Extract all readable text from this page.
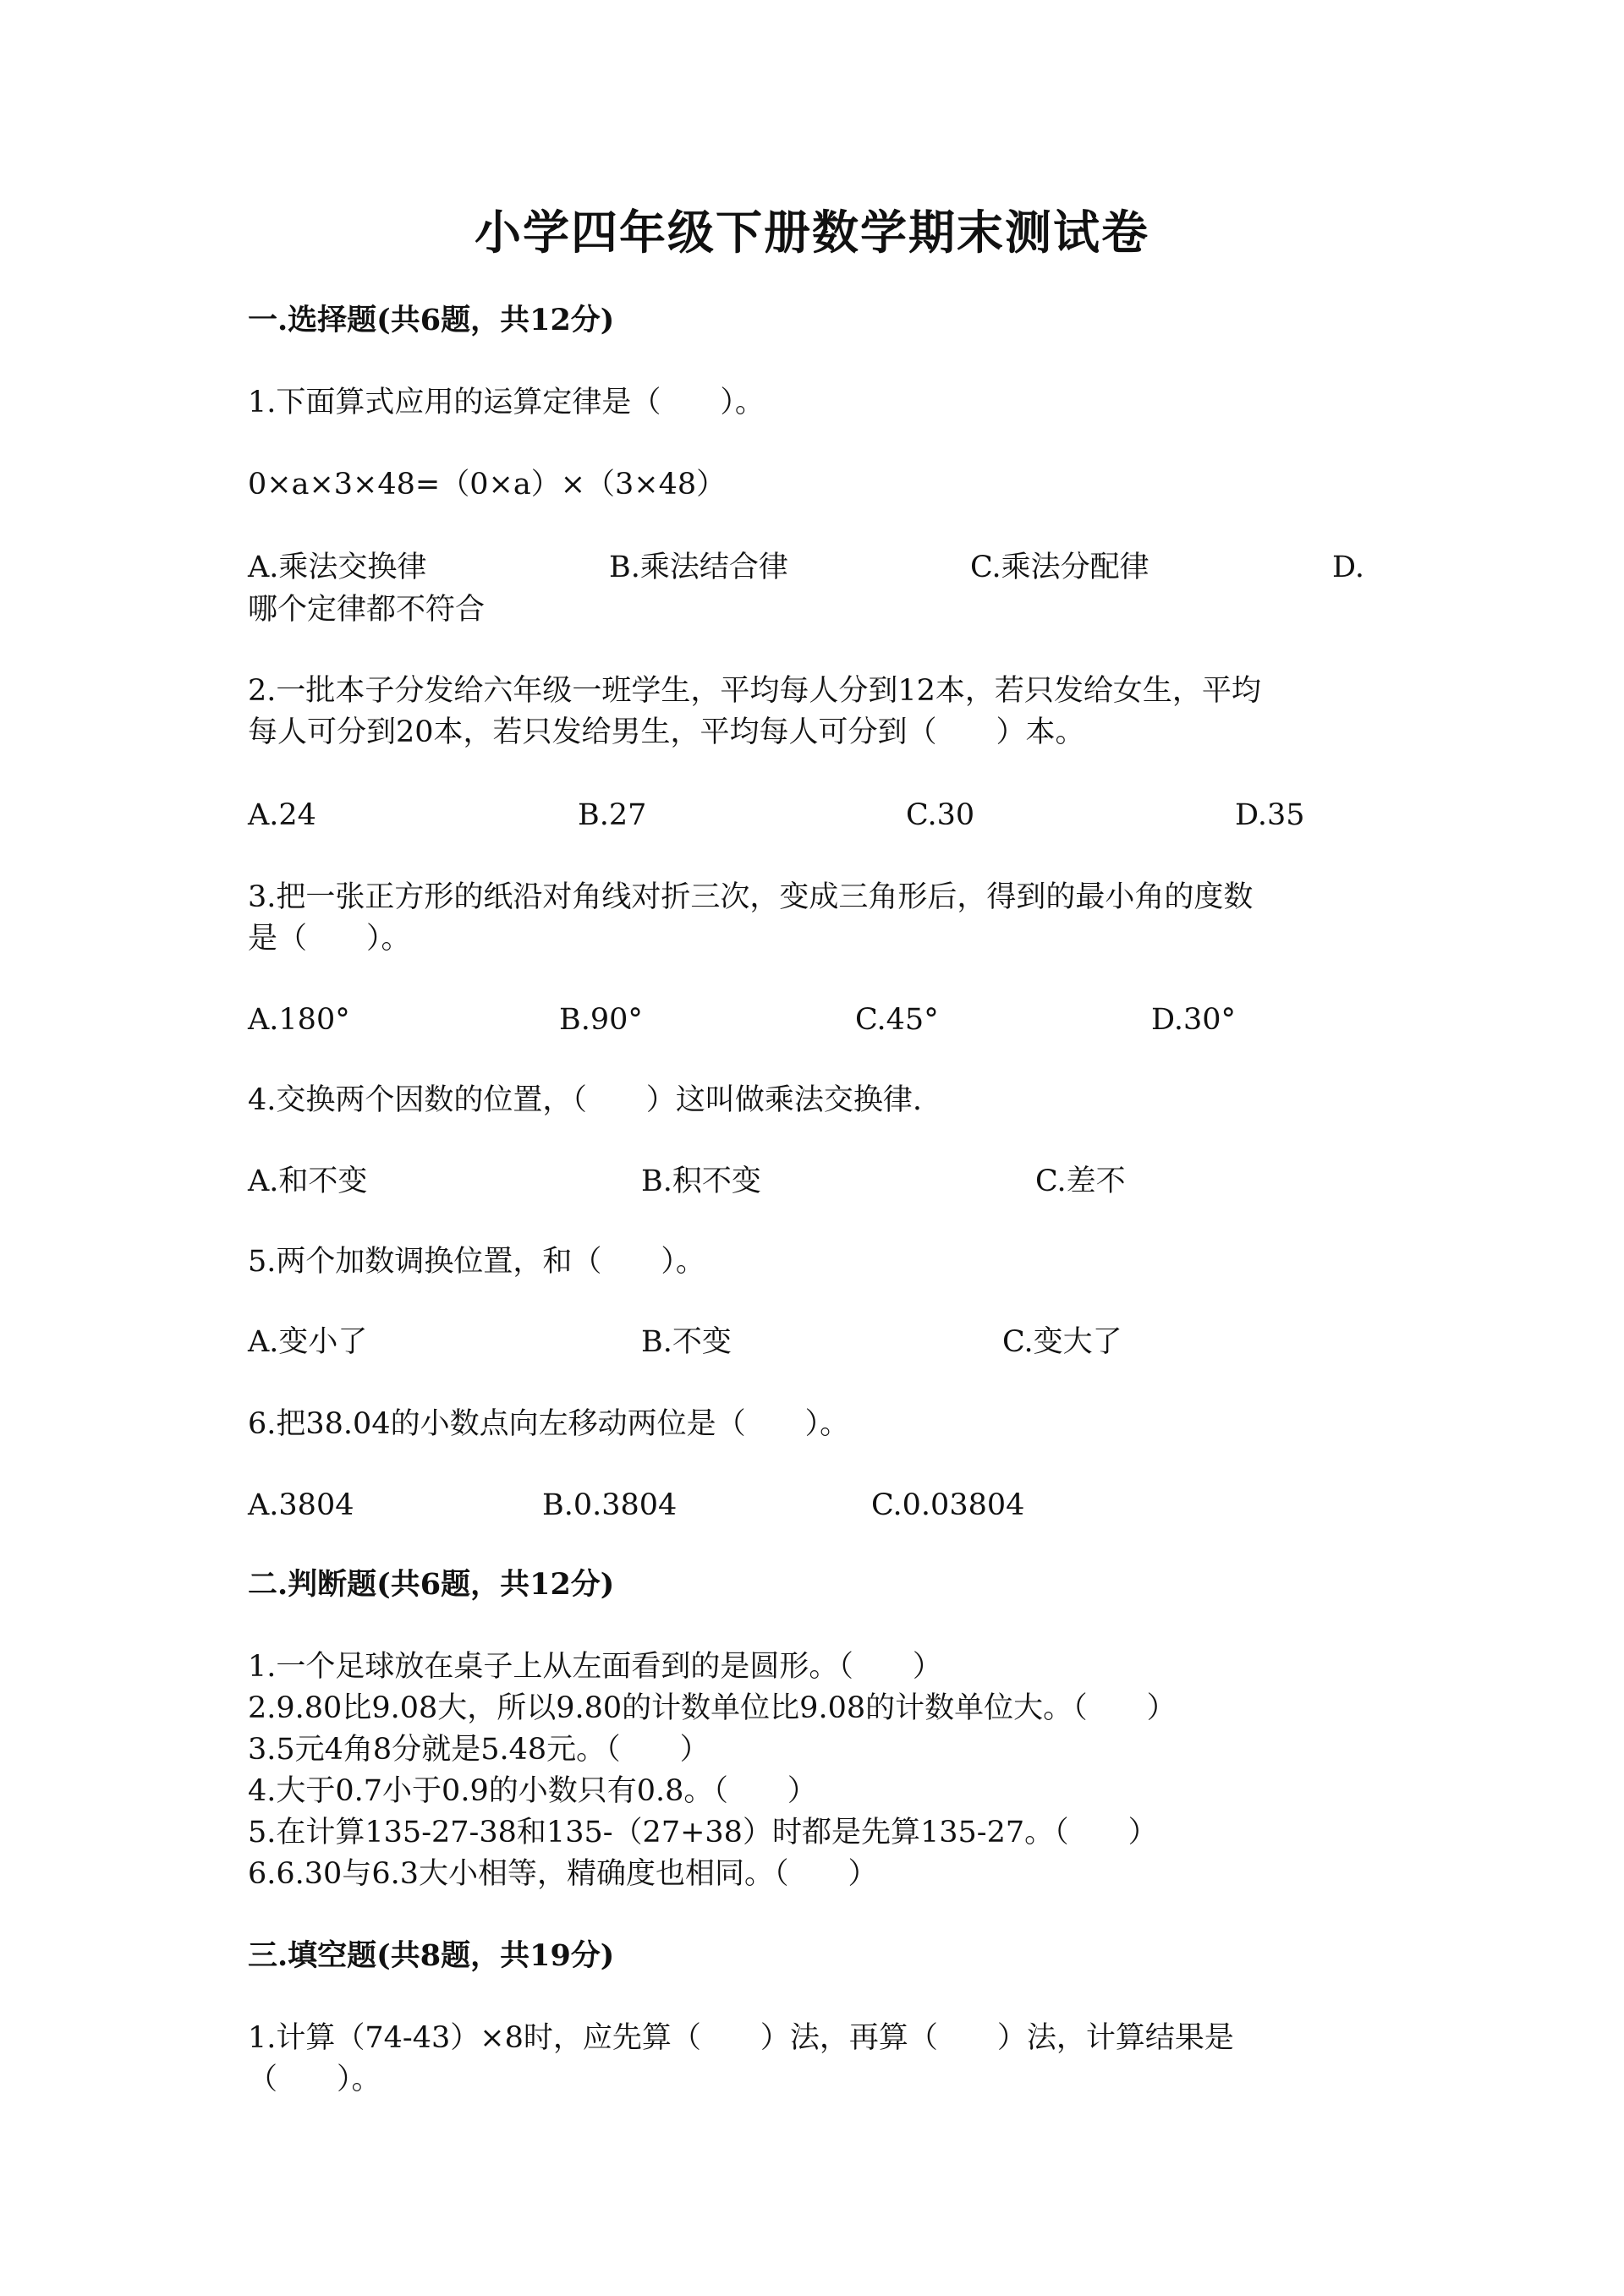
小学四年级下册数学期末测试卷
一.选择题(共6题，共12分)
1.下面算式应用的运算定律是（　　）。
0×a×3×48=（0×a）×（3×48）
A.乘法交换律	B.乘法结合律	C.乘法分配律	D.
哪个定律都不符合
2.一批本子分发给六年级一班学生，平均每人分到12本，若只发给女生，平均
每人可分到20本，若只发给男生，平均每人可分到（　　）本。
A.24	B.27	C.30	D.35
3.把一张正方形的纸沿对角线对折三次，变成三角形后，得到的最小角的度数
是（　　）。
A.180°	B.90°	C.45°	D.30°
4.交换两个因数的位置，（　　）这叫做乘法交换律.
A.和不变	B.积不变	C.差不
5.两个加数调换位置，和（　　）。
A.变小了	B.不变	C.变大了
6.把38.04的小数点向左移动两位是（　　）。
A.3804	B.0.3804	C.0.03804
二.判断题(共6题，共12分)
1.一个足球放在桌子上从左面看到的是圆形。（　　）
2.9.80比9.08大，所以9.80的计数单位比9.08的计数单位大。（　　）
3.5元4角8分就是5.48元。（　　）
4.大于0.7小于0.9的小数只有0.8。（　　）
5.在计算135-27-38和135-（27+38）时都是先算135-27。（　　）
6.6.30与6.3大小相等，精确度也相同。（　　）
三.填空题(共8题，共19分)
1.计算（74-43）×8时，应先算（　　）法，再算（　　）法，计算结果是
（　　）。
